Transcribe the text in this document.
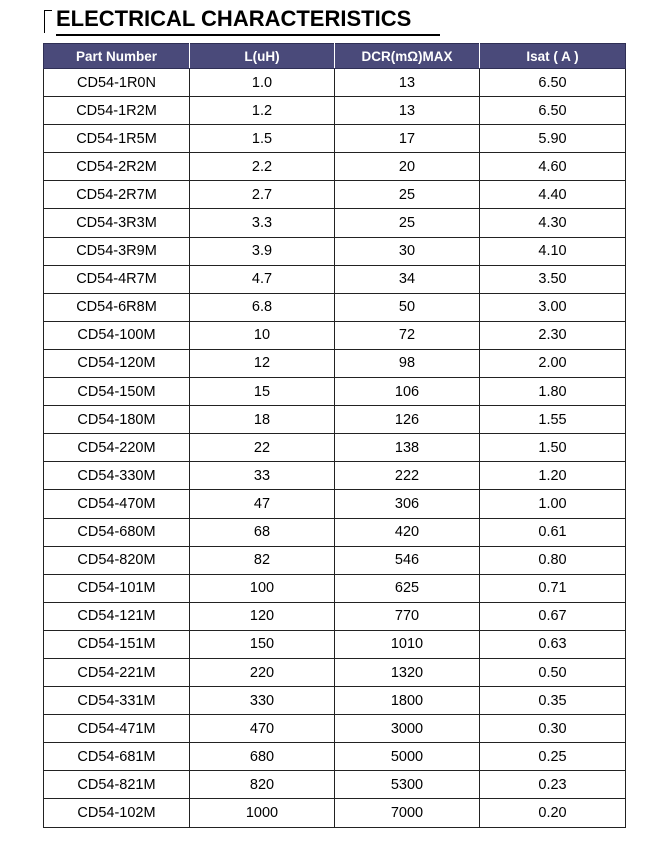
ELECTRICAL CHARACTERISTICS
Part Number	L(uH)	DCR(mΩ)MAX	Isat ( A )
CD54-1R0N	1.0	13	6.50
CD54-1R2M	1.2	13	6.50
CD54-1R5M	1.5	17	5.90
CD54-2R2M	2.2	20	4.60
CD54-2R7M	2.7	25	4.40
CD54-3R3M	3.3	25	4.30
CD54-3R9M	3.9	30	4.10
CD54-4R7M	4.7	34	3.50
CD54-6R8M	6.8	50	3.00
CD54-100M	10	72	2.30
CD54-120M	12	98	2.00
CD54-150M	15	106	1.80
CD54-180M	18	126	1.55
CD54-220M	22	138	1.50
CD54-330M	33	222	1.20
CD54-470M	47	306	1.00
CD54-680M	68	420	0.61
CD54-820M	82	546	0.80
CD54-101M	100	625	0.71
CD54-121M	120	770	0.67
CD54-151M	150	1010	0.63
CD54-221M	220	1320	0.50
CD54-331M	330	1800	0.35
CD54-471M	470	3000	0.30
CD54-681M	680	5000	0.25
CD54-821M	820	5300	0.23
CD54-102M	1000	7000	0.20
